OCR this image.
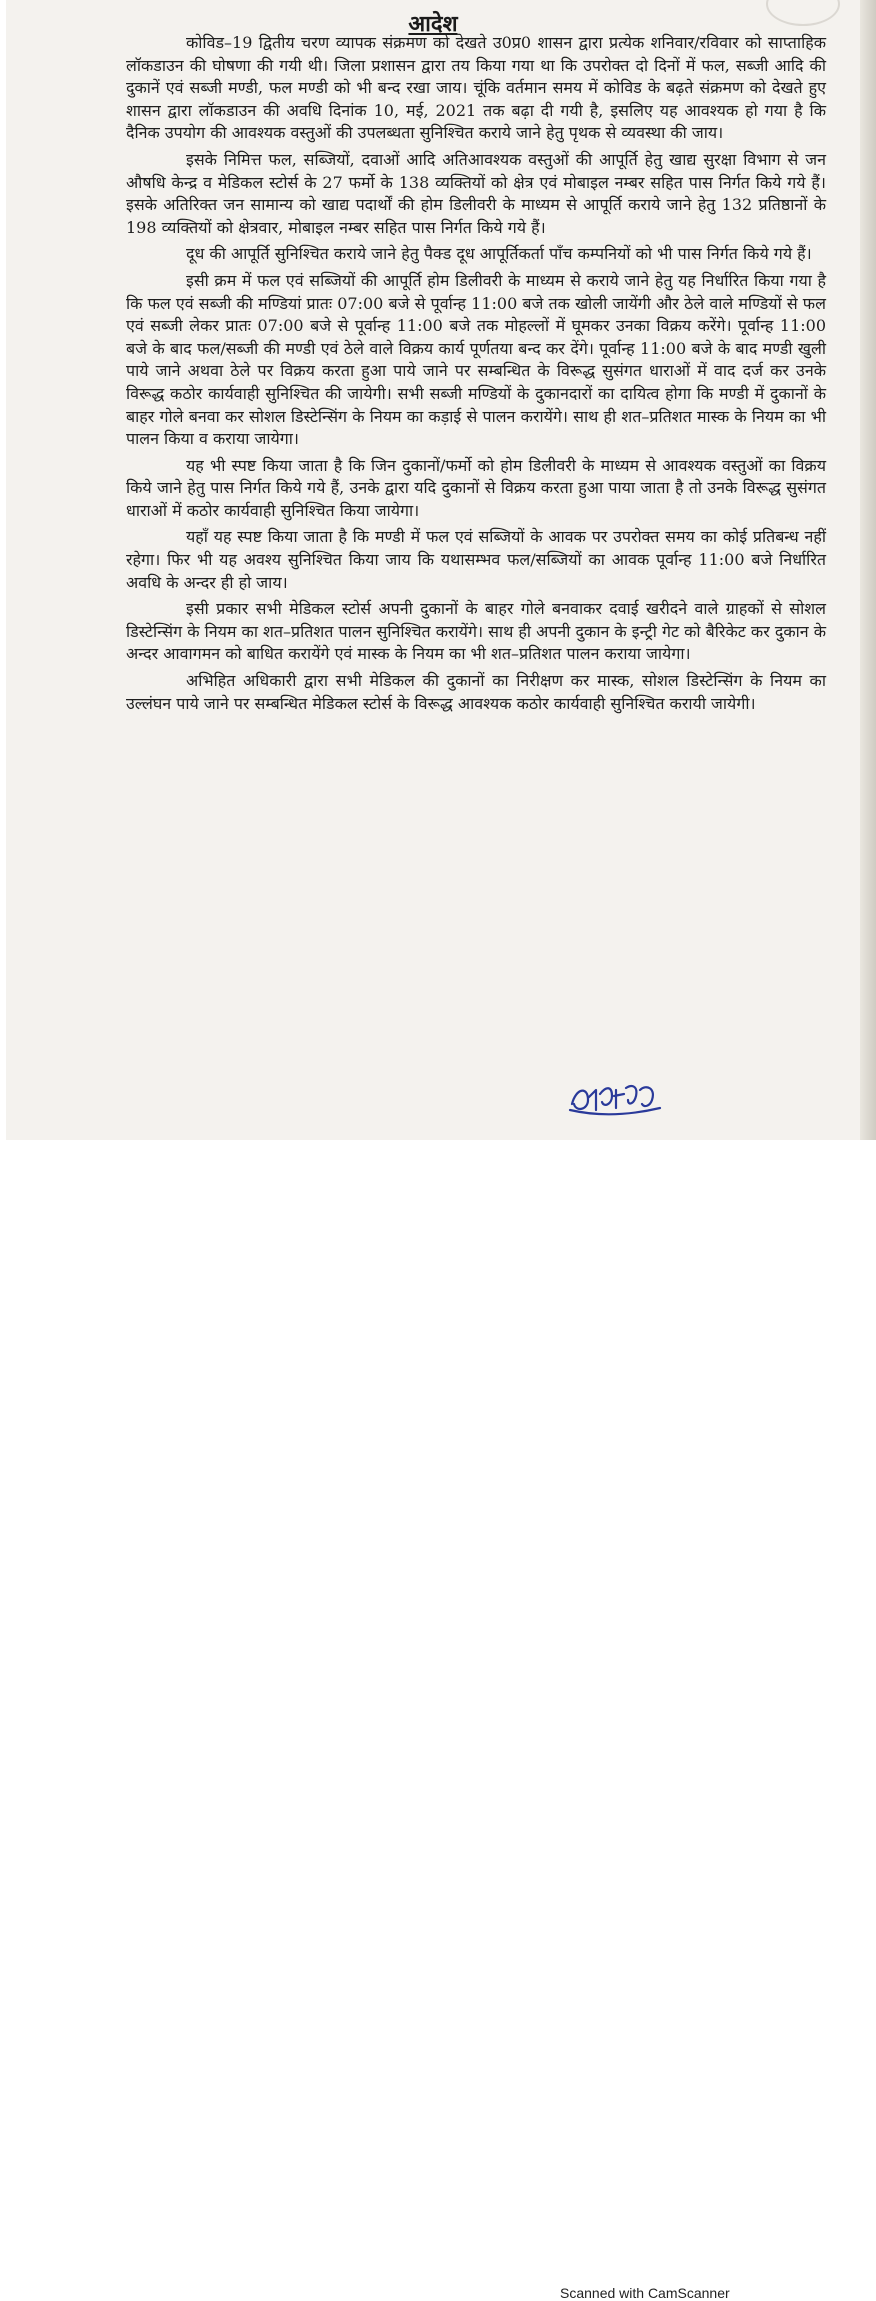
आदेश

कोविड–19 द्वितीय चरण व्यापक संक्रमण को देखते उ0प्र0 शासन द्वारा प्रत्येक शनिवार/रविवार को साप्ताहिक लॉकडाउन की घोषणा की गयी थी। जिला प्रशासन द्वारा तय किया गया था कि उपरोक्त दो दिनों में फल, सब्जी आदि की दुकानें एवं सब्जी मण्डी, फल मण्डी को भी बन्द रखा जाय। चूंकि वर्तमान समय में कोविड के बढ़ते संक्रमण को देखते हुए शासन द्वारा लॉकडाउन की अवधि दिनांक 10, मई, 2021 तक बढ़ा दी गयी है, इसलिए यह आवश्यक हो गया है कि दैनिक उपयोग की आवश्यक वस्तुओं की उपलब्धता सुनिश्चित कराये जाने हेतु पृथक से व्यवस्था की जाय।

इसके निमित्त फल, सब्जियों, दवाओं आदि अतिआवश्यक वस्तुओं की आपूर्ति हेतु खाद्य सुरक्षा विभाग से जन औषधि केन्द्र व मेडिकल स्टोर्स के 27 फर्मो के 138 व्यक्तियों को क्षेत्र एवं मोबाइल नम्बर सहित पास निर्गत किये गये हैं। इसके अतिरिक्त जन सामान्य को खाद्य पदार्थों की होम डिलीवरी के माध्यम से आपूर्ति कराये जाने हेतु 132 प्रतिष्ठानों के 198 व्यक्तियों को क्षेत्रवार, मोबाइल नम्बर सहित पास निर्गत किये गये हैं।

दूध की आपूर्ति सुनिश्चित कराये जाने हेतु पैक्ड दूध आपूर्तिकर्ता पाँच कम्पनियों को भी पास निर्गत किये गये हैं।

इसी क्रम में फल एवं सब्जियों की आपूर्ति होम डिलीवरी के माध्यम से कराये जाने हेतु यह निर्धारित किया गया है कि फल एवं सब्जी की मण्डियां प्रातः 07:00 बजे से पूर्वान्ह 11:00 बजे तक खोली जायेंगी और ठेले वाले मण्डियों से फल एवं सब्जी लेकर प्रातः 07:00 बजे से पूर्वान्ह 11:00 बजे तक मोहल्लों में घूमकर उनका विक्रय करेंगे। पूर्वान्ह 11:00 बजे के बाद फल/सब्जी की मण्डी एवं ठेले वाले विक्रय कार्य पूर्णतया बन्द कर देंगे। पूर्वान्ह 11:00 बजे के बाद मण्डी खुली पाये जाने अथवा ठेले पर विक्रय करता हुआ पाये जाने पर सम्बन्धित के विरूद्ध सुसंगत धाराओं में वाद दर्ज कर उनके विरूद्ध कठोर कार्यवाही सुनिश्चित की जायेगी। सभी सब्जी मण्डियों के दुकानदारों का दायित्व होगा कि मण्डी में दुकानों के बाहर गोले बनवा कर सोशल डिस्टेन्सिंग के नियम का कड़ाई से पालन करायेंगे। साथ ही शत–प्रतिशत मास्क के नियम का भी पालन किया व कराया जायेगा।

यह भी स्पष्ट किया जाता है कि जिन दुकानों/फर्मो को होम डिलीवरी के माध्यम से आवश्यक वस्तुओं का विक्रय किये जाने हेतु पास निर्गत किये गये हैं, उनके द्वारा यदि दुकानों से विक्रय करता हुआ पाया जाता है तो उनके विरूद्ध सुसंगत धाराओं में कठोर कार्यवाही सुनिश्चित किया जायेगा।

यहाँ यह स्पष्ट किया जाता है कि मण्डी में फल एवं सब्जियों के आवक पर उपरोक्त समय का कोई प्रतिबन्ध नहीं रहेगा। फिर भी यह अवश्य सुनिश्चित किया जाय कि यथासम्भव फल/सब्जियों का आवक पूर्वान्ह 11:00 बजे निर्धारित अवधि के अन्दर ही हो जाय।

इसी प्रकार सभी मेडिकल स्टोर्स अपनी दुकानों के बाहर गोले बनवाकर दवाई खरीदने वाले ग्राहकों से सोशल डिस्टेन्सिंग के नियम का शत–प्रतिशत पालन सुनिश्चित करायेंगे। साथ ही अपनी दुकान के इन्ट्री गेट को बैरिकेट कर दुकान के अन्दर आवागमन को बाधित करायेंगे एवं मास्क के नियम का भी शत–प्रतिशत पालन कराया जायेगा।

अभिहित अधिकारी द्वारा सभी मेडिकल की दुकानों का निरीक्षण कर मास्क, सोशल डिस्टेन्सिंग के नियम का उल्लंघन पाये जाने पर सम्बन्धित मेडिकल स्टोर्स के विरूद्ध आवश्यक कठोर कार्यवाही सुनिश्चित करायी जायेगी।

Scanned with CamScanner
